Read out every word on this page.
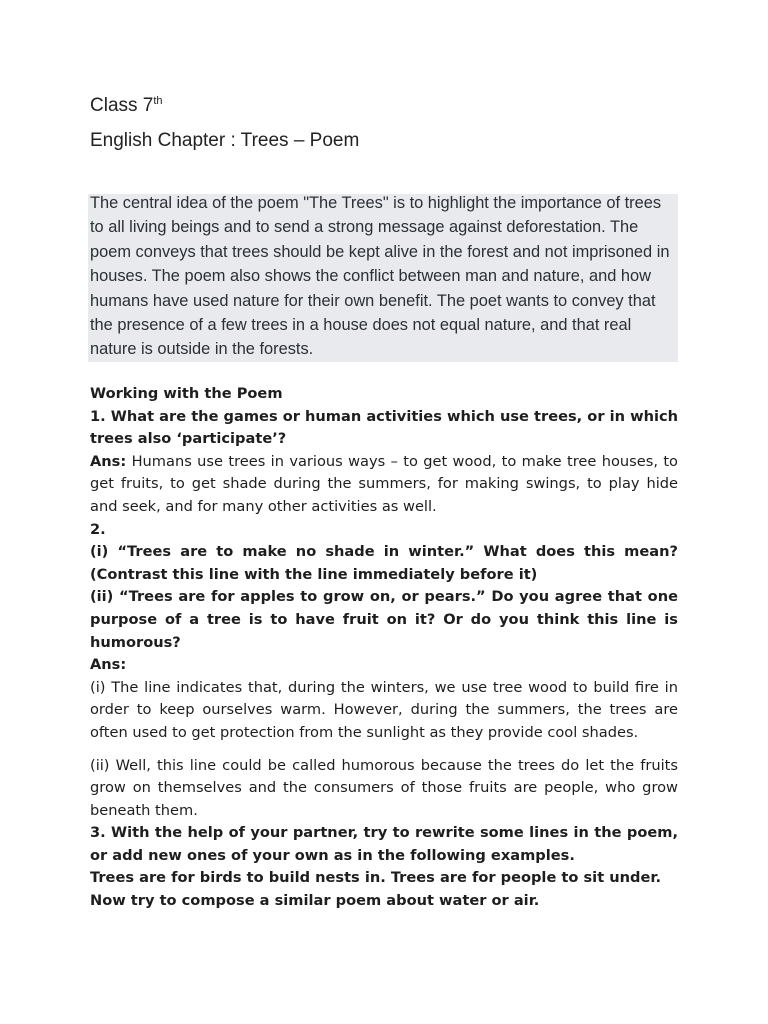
Class 7th
English Chapter : Trees – Poem

The central idea of the poem "The Trees" is to highlight the importance of trees to all living beings and to send a strong message against deforestation. The poem conveys that trees should be kept alive in the forest and not imprisoned in houses. The poem also shows the conflict between man and nature, and how humans have used nature for their own benefit. The poet wants to convey that the presence of a few trees in a house does not equal nature, and that real nature is outside in the forests.

Working with the Poem

1. What are the games or human activities which use trees, or in which trees also ‘participate’?

Ans: Humans use trees in various ways – to get wood, to make tree houses, to get fruits, to get shade during the summers, for making swings, to play hide and seek, and for many other activities as well.

2.

(i) “Trees are to make no shade in winter.” What does this mean? (Contrast this line with the line immediately before it)

(ii) “Trees are for apples to grow on, or pears.” Do you agree that one purpose of a tree is to have fruit on it? Or do you think this line is humorous?

Ans:

(i) The line indicates that, during the winters, we use tree wood to build fire in order to keep ourselves warm. However, during the summers, the trees are often used to get protection from the sunlight as they provide cool shades.

(ii) Well, this line could be called humorous because the trees do let the fruits grow on themselves and the consumers of those fruits are people, who grow beneath them.

3. With the help of your partner, try to rewrite some lines in the poem, or add new ones of your own as in the following examples.

Trees are for birds to build nests in. Trees are for people to sit under.

Now try to compose a similar poem about water or air.
